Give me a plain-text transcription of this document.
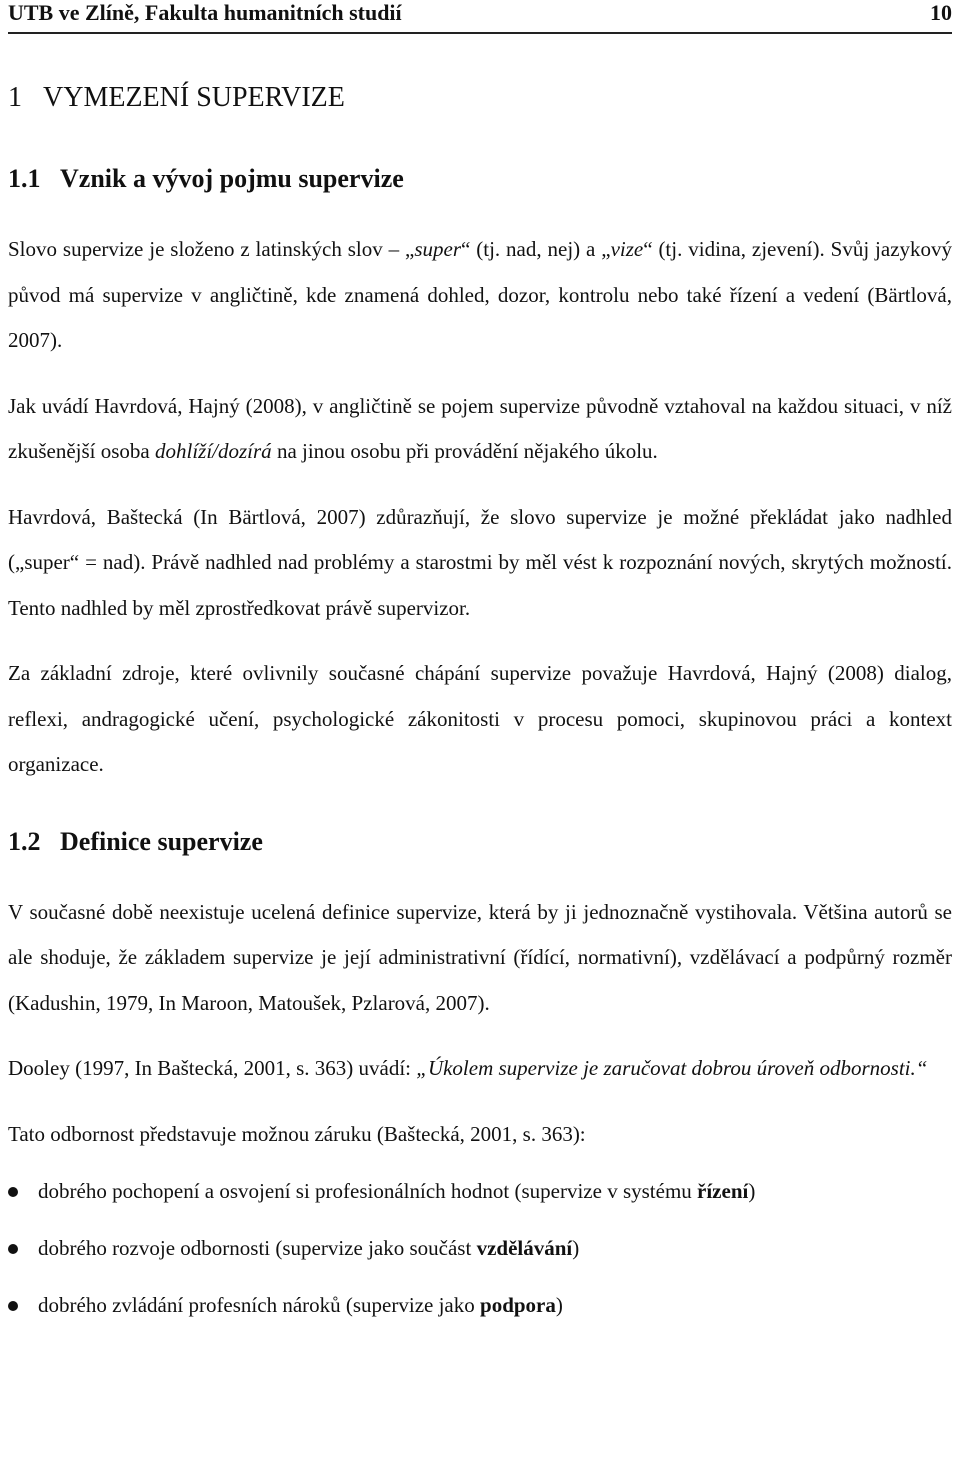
UTB ve Zlíně, Fakulta humanitních studií	10
1 VYMEZENÍ SUPERVIZE
1.1 Vznik a vývoj pojmu supervize

Slovo supervize je složeno z latinských slov – „super“ (tj. nad, nej) a „vize“ (tj. vidina, zjevení). Svůj jazykový původ má supervize v angličtině, kde znamená dohled, dozor, kontrolu nebo také řízení a vedení (Bärtlová, 2007).

Jak uvádí Havrdová, Hajný (2008), v angličtině se pojem supervize původně vztahoval na každou situaci, v níž zkušenější osoba dohlíží/dozírá na jinou osobu při provádění nějakého úkolu.

Havrdová, Baštecká (In Bärtlová, 2007) zdůrazňují, že slovo supervize je možné překládat jako nadhled („super“ = nad). Právě nadhled nad problémy a starostmi by měl vést k rozpoznání nových, skrytých možností. Tento nadhled by měl zprostředkovat právě supervizor.

Za základní zdroje, které ovlivnily současné chápání supervize považuje Havrdová, Hajný (2008) dialog, reflexi, andragogické učení, psychologické zákonitosti v procesu pomoci, skupinovou práci a kontext organizace.

1.2 Definice supervize

V současné době neexistuje ucelená definice supervize, která by ji jednoznačně vystihovala. Většina autorů se ale shoduje, že základem supervize je její administrativní (řídící, normativní), vzdělávací a podpůrný rozměr (Kadushin, 1979, In Maroon, Matoušek, Pzlarová, 2007).

Dooley (1997, In Baštecká, 2001, s. 363) uvádí: „Úkolem supervize je zaručovat dobrou úroveň odbornosti.“

Tato odbornost představuje možnou záruku (Baštecká, 2001, s. 363):

dobrého pochopení a osvojení si profesionálních hodnot (supervize v systému řízení)
dobrého rozvoje odbornosti (supervize jako součást vzdělávání)
dobrého zvládání profesních nároků (supervize jako podpora)
